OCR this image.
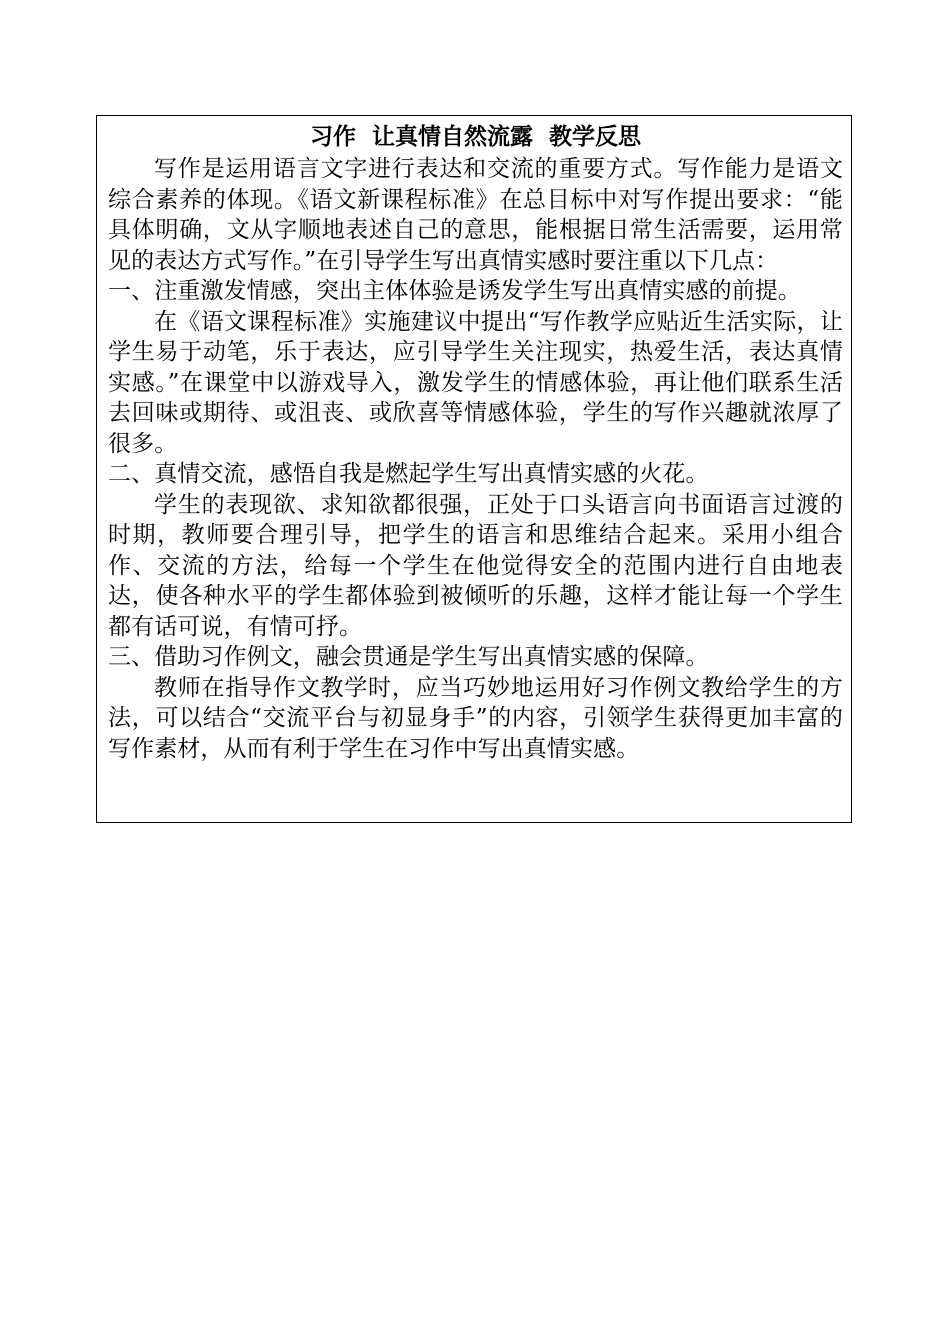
习作  让真情自然流露  教学反思

写作是运用语言文字进行表达和交流的重要方式。写作能力是语文综合素养的体现。《语文新课程标准》在总目标中对写作提出要求：“能具体明确，文从字顺地表述自己的意思，能根据日常生活需要，运用常见的表达方式写作。”在引导学生写出真情实感时要注重以下几点：

一、注重激发情感，突出主体体验是诱发学生写出真情实感的前提。

在《语文课程标准》实施建议中提出“写作教学应贴近生活实际，让学生易于动笔，乐于表达，应引导学生关注现实，热爱生活，表达真情实感。”在课堂中以游戏导入，激发学生的情感体验，再让他们联系生活去回味或期待、或沮丧、或欣喜等情感体验，学生的写作兴趣就浓厚了很多。

二、真情交流，感悟自我是燃起学生写出真情实感的火花。

学生的表现欲、求知欲都很强，正处于口头语言向书面语言过渡的时期，教师要合理引导，把学生的语言和思维结合起来。采用小组合作、交流的方法，给每一个学生在他觉得安全的范围内进行自由地表达，使各种水平的学生都体验到被倾听的乐趣，这样才能让每一个学生都有话可说，有情可抒。

三、借助习作例文，融会贯通是学生写出真情实感的保障。

教师在指导作文教学时，应当巧妙地运用好习作例文教给学生的方法，可以结合“交流平台与初显身手”的内容，引领学生获得更加丰富的写作素材，从而有利于学生在习作中写出真情实感。
